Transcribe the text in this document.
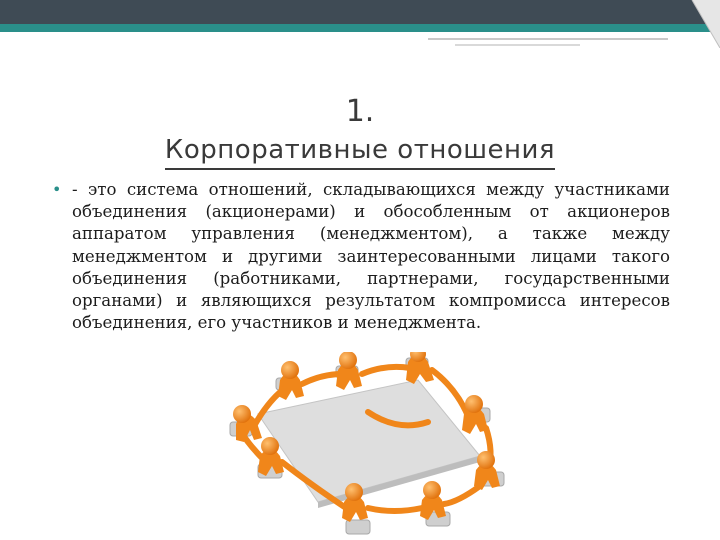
1.
Корпоративные отношения
• - это система отношений, складывающихся между участниками объединения (акционерами) и обособленным от акционеров аппаратом управления (менеджментом), а также между менеджментом и другими заинтересованными лицами такого объединения (работниками, партнерами, государственными органами) и являющихся результатом компромисса интересов объединения, его участников и менеджмента.
